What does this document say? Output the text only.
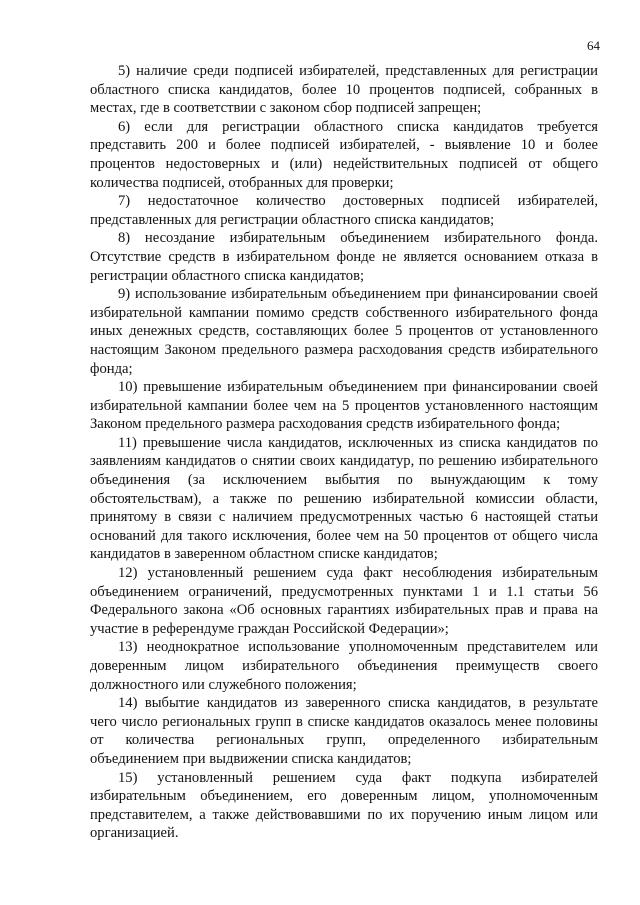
64

5) наличие среди подписей избирателей, представленных для регистрации областного списка кандидатов, более 10 процентов подписей, собранных в местах, где в соответствии с законом сбор подписей запрещен;

6) если для регистрации областного списка кандидатов требуется представить 200 и более подписей избирателей, - выявление 10 и более процентов недостоверных и (или) недействительных подписей от общего количества подписей, отобранных для проверки;

7) недостаточное количество достоверных подписей избирателей, представленных для регистрации областного списка кандидатов;

8) несоздание избирательным объединением избирательного фонда. Отсутствие средств в избирательном фонде не является основанием отказа в регистрации областного списка кандидатов;

9) использование избирательным объединением при финансировании своей избирательной кампании помимо средств собственного избирательного фонда иных денежных средств, составляющих более 5 процентов от установленного настоящим Законом предельного размера расходования средств избирательного фонда;

10) превышение избирательным объединением при финансировании своей избирательной кампании более чем на 5 процентов установленного настоящим Законом предельного размера расходования средств избирательного фонда;

11) превышение числа кандидатов, исключенных из списка кандидатов по заявлениям кандидатов о снятии своих кандидатур, по решению избирательного объединения (за исключением выбытия по вынуждающим к тому обстоятельствам), а также по решению избирательной комиссии области, принятому в связи с наличием предусмотренных частью 6 настоящей статьи оснований для такого исключения, более чем на 50 процентов от общего числа кандидатов в заверенном областном списке кандидатов;

12) установленный решением суда факт несоблюдения избирательным объединением ограничений, предусмотренных пунктами 1 и 1.1 статьи 56 Федерального закона «Об основных гарантиях избирательных прав и права на участие в референдуме граждан Российской Федерации»;

13) неоднократное использование уполномоченным представителем или доверенным лицом избирательного объединения преимуществ своего должностного или служебного положения;

14) выбытие кандидатов из заверенного списка кандидатов, в результате чего число региональных групп в списке кандидатов оказалось менее половины от количества региональных групп, определенного избирательным объединением при выдвижении списка кандидатов;

15) установленный решением суда факт подкупа избирателей избирательным объединением, его доверенным лицом, уполномоченным представителем, а также действовавшими по их поручению иным лицом или организацией.
